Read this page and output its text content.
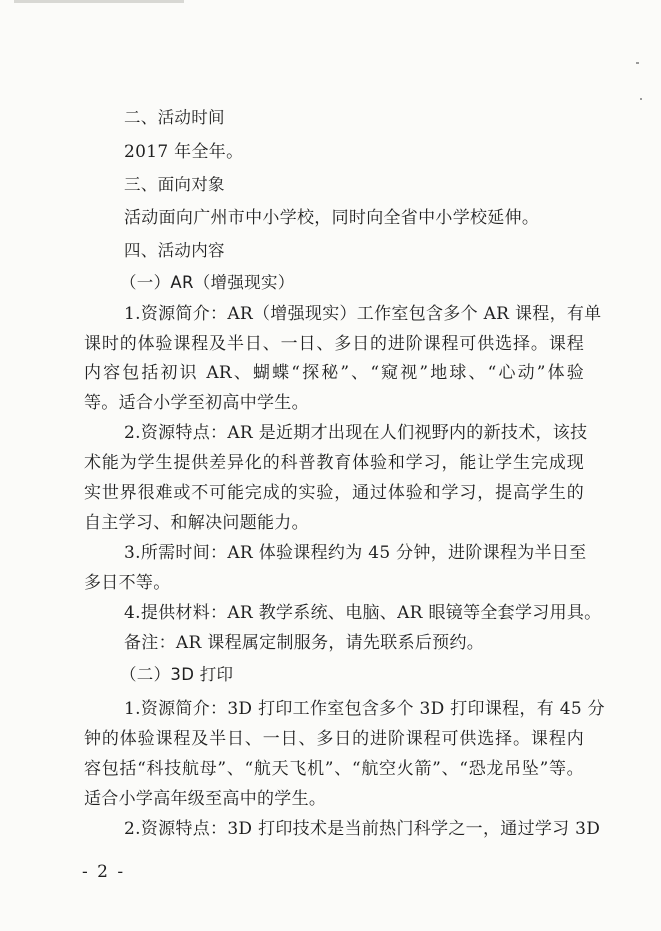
二、活动时间
2017 年全年。
三、面向对象
活动面向广州市中小学校，同时向全省中小学校延伸。
四、活动内容
（一）AR（增强现实）
1.资源简介：AR（增强现实）工作室包含多个 AR 课程，有单
课时的体验课程及半日、一日、多日的进阶课程可供选择。课程
内容包括初识 AR、蝴蝶“探秘”、“窥视”地球、“心动”体验
等。适合小学至初高中学生。
2.资源特点：AR 是近期才出现在人们视野内的新技术，该技
术能为学生提供差异化的科普教育体验和学习，能让学生完成现
实世界很难或不可能完成的实验，通过体验和学习，提高学生的
自主学习、和解决问题能力。
3.所需时间：AR 体验课程约为 45 分钟，进阶课程为半日至
多日不等。
4.提供材料：AR 教学系统、电脑、AR 眼镜等全套学习用具。
备注：AR 课程属定制服务，请先联系后预约。
（二）3D 打印
1.资源简介：3D 打印工作室包含多个 3D 打印课程，有 45 分
钟的体验课程及半日、一日、多日的进阶课程可供选择。课程内
容包括“科技航母”、“航天飞机”、“航空火箭”、“恐龙吊坠”等。
适合小学高年级至高中的学生。
2.资源特点：3D 打印技术是当前热门科学之一，通过学习 3D
- 2 -
